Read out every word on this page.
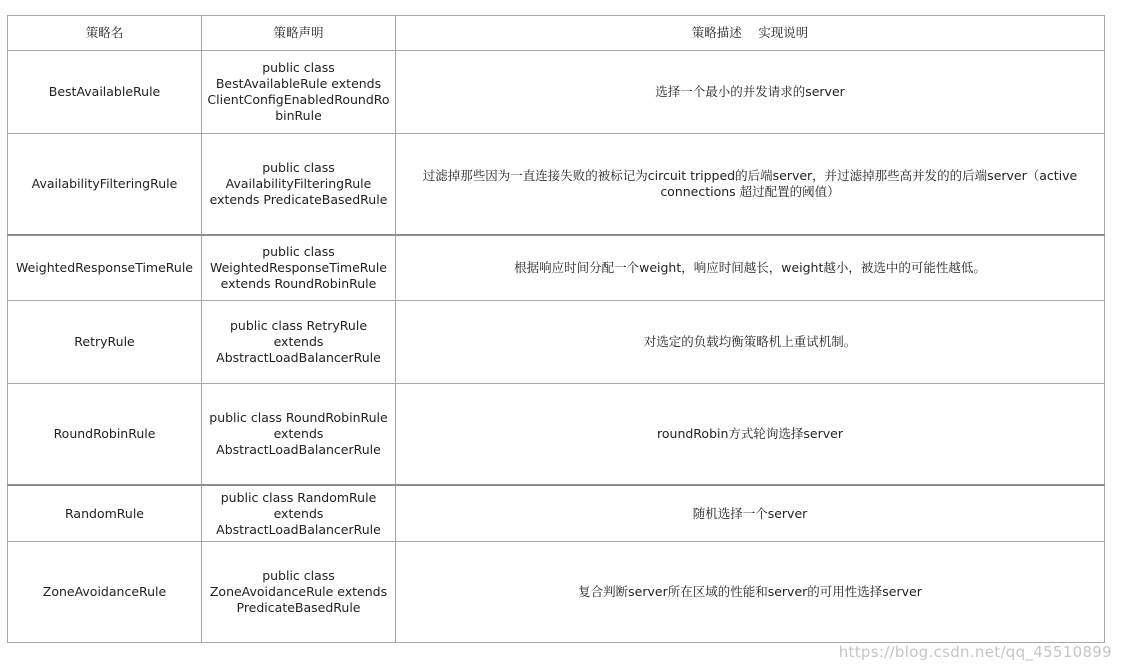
策略名	策略声明	策略描述　 实现说明
BestAvailableRule	public class BestAvailableRule extends ClientConfigEnabledRoundRobinRule	选择一个最小的并发请求的server
AvailabilityFilteringRule	public class AvailabilityFilteringRule extends PredicateBasedRule	过滤掉那些因为一直连接失败的被标记为circuit tripped的后端server，并过滤掉那些高并发的的后端server（active connections 超过配置的阈值）
WeightedResponseTimeRule	public class WeightedResponseTimeRule extends RoundRobinRule	根据响应时间分配一个weight，响应时间越长，weight越小，被选中的可能性越低。
RetryRule	public class RetryRule extends AbstractLoadBalancerRule	对选定的负载均衡策略机上重试机制。
RoundRobinRule	public class RoundRobinRule extends AbstractLoadBalancerRule	roundRobin方式轮询选择server
RandomRule	public class RandomRule extends AbstractLoadBalancerRule	随机选择一个server
ZoneAvoidanceRule	public class ZoneAvoidanceRule extends PredicateBasedRule	复合判断server所在区域的性能和server的可用性选择server
https://blog.csdn.net/qq_45510899
